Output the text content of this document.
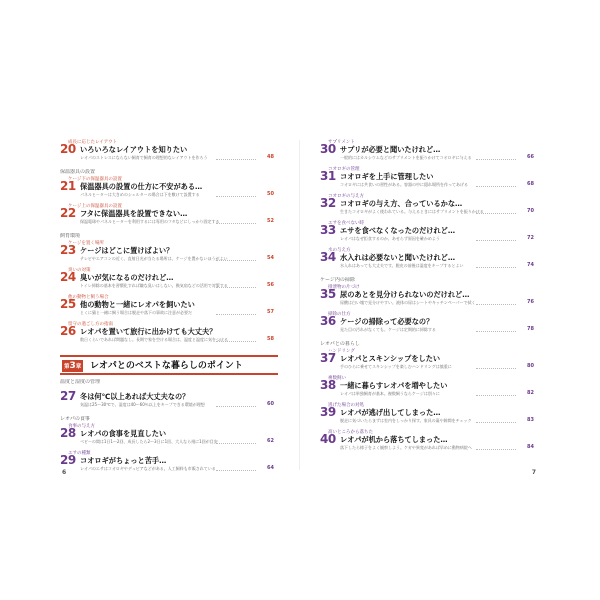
成長に応じたレイアウト
20 いろいろなレイアウトを知りたい
レオパのストレスにならない飼育で飼育の理想的なレイアウトを作ろう	48
保温器具の設置
ケージ下の保温器具の設置
21 保温器具の設置の仕方に不安がある…
パネルヒーターは大きめのシェルターの場合は下を敷けて設置する	50
ケージ上の保温器具の設置
22 フタに保温器具を設置できない…
保温電球やパネルヒーターを利用するには専用のフタなどにしっかり固定する	52
飼育環境
ケージを置く場所
23 ケージはどこに置けばよい？
テレビやエアコンの近く、直射日光が当たる場所は、ケージを置かないほうがよい	54
臭いの対策
24 臭いが気になるのだけれど…
トイレ掃除の基本を習慣化すれば嫌な臭いはしない。換気扇などの活用で対策する	56
他の動物と飼う場合
25 他の動物と一緒にレオパを飼いたい
とくに猫と一緒に飼う場合は脱走や落下の事故に注意が必要だ	57
留守の過ごし方の指南
26 レオパを置いて旅行に出かけても大丈夫？
数日くらいであれば問題なし。長期で家を空ける場合は、温度と温度に気をつける	58
第3章 レオパとのベストな暮らしのポイント
温度と湿度の管理
27 冬は何℃以上あれば大丈夫なの？
気温は25〜30℃で、湿度は40〜60％以上をキープできる環境が理想	60
レオパの食事
食事の与え方
28 レオパの食事を見直したい
ベビーの間は1日1〜2回、成長したら2〜3日に1回、大人なら週に1回が目安	62
エサの種類
29 コオロギがちょっと苦手…
レオパのエサはコオロギやデュビアなどがある。人工飼料も市販されている	64
6
サプリメント
30 サプリが必要と聞いたけれど…
一般的にはカルシウムなどのサプリメントを振りかけてコオロギに与える	66
コオロギの管理
31 コオロギを上手に管理したい
コオロギには共食いの習性がある。容器の中に隠れ場所を作ってあげる	68
コオロギの与え方
32 コオロギの与え方、合っているかな…
生きたコオロギがよく使われている。与えるときにはサプリメントを振りかける	70
エサを食べない時
33 エサを食べなくなったのだけれど…
レオパはなぜ拒食するのか、あせらず原因を確かめよう	72
水の与え方
34 水入れは必要ないと聞いたけれど…
水入れはあっても大丈夫です。脱皮の前後は湿度をキープするとよい	74
ケージ内の掃除
排泄物の片づけ
35 尿のあとを見分けられないのだけれど…
尿酸は白い塊で見分けやすい。液体の尿はシートやキッチンペーパーで拭く	76
掃除の仕方
36 ケージの掃除って必要なの？
見た目の汚れがなくても、ケージは定期的に掃除する	78
レオパとの暮らし
ハンドリング
37 レオパとスキンシップをしたい
手のひらに乗せてスキンシップを楽しむハンドリングは慎重に	80
複数飼い
38 一緒に暮らすレオパを増やしたい
レオパは単独飼育が基本。複数飼うならケージは別々に	82
逃げた場合の対処
39 レオパが逃げ出してしまった…
脱走に気づいたらまずは室内をしっかり探す。家具の裏や隙間をチェック	83
高いところから落ちた
40 レオパが机から落ちてしまった…
落下したら様子をよく観察しよう。ケガや異変があれば早めに動物病院へ	84
7
